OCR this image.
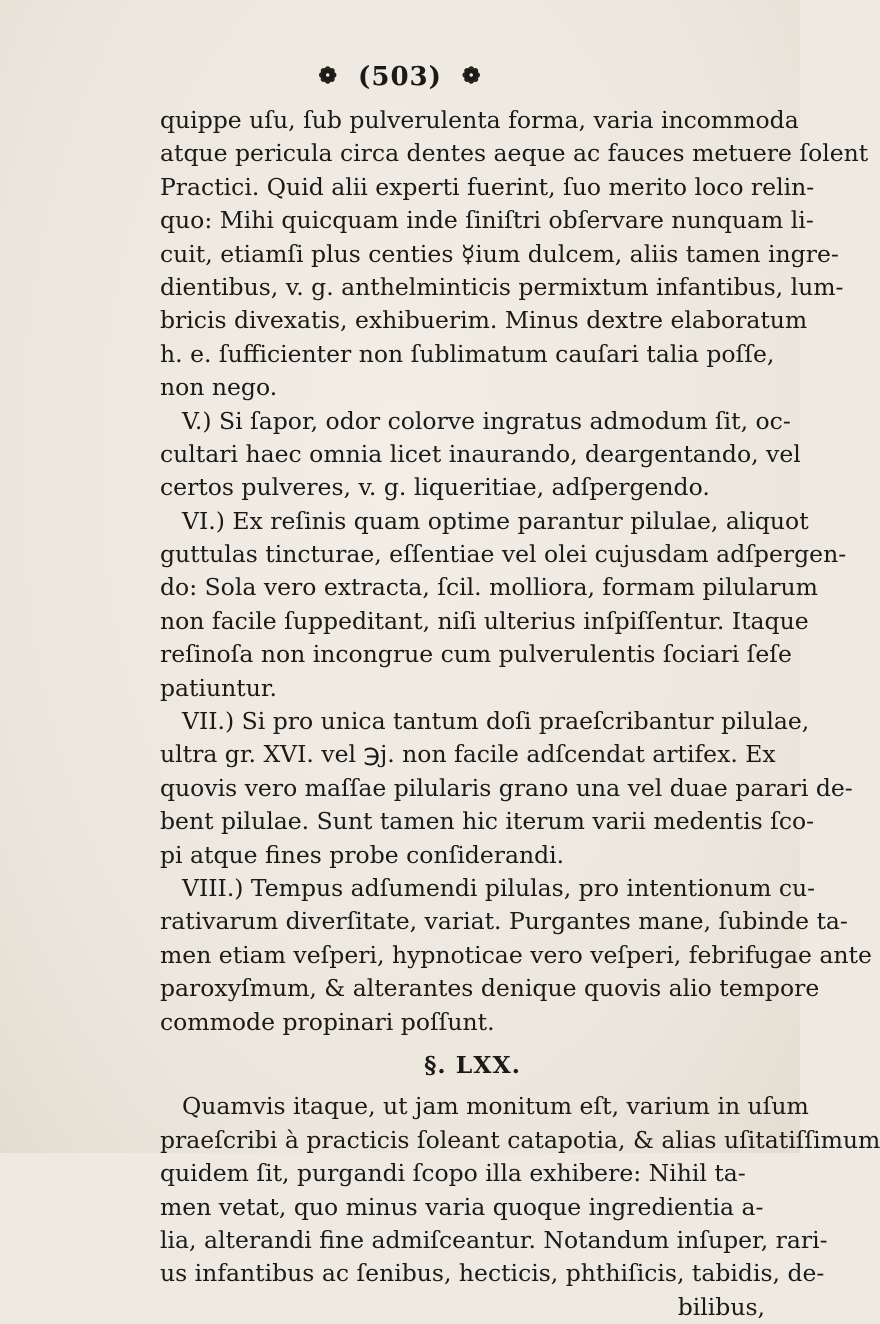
❁ (503) ❁
quippe uſu, ſub pulverulenta forma, varia incommoda
atque pericula circa dentes aeque ac fauces metuere ſolent
Practici. Quid alii experti fuerint, ſuo merito loco relin-
quo: Mihi quicquam inde ſiniſtri obſervare nunquam li-
cuit, etiamſi plus centies ☿ium dulcem, aliis tamen ingre-
dientibus, v. g. anthelminticis permixtum infantibus, lum-
bricis divexatis, exhibuerim. Minus dextre elaboratum
h. e. ſufficienter non ſublimatum cauſari talia poſſe,
non nego.
V.) Si ſapor, odor colorve ingratus admodum ſit, oc-
cultari haec omnia licet inaurando, deargentando, vel
certos pulveres, v. g. liqueritiae, adſpergendo.
VI.) Ex reſinis quam optime parantur pilulae, aliquot
guttulas tincturae, eſſentiae vel olei cujusdam adſpergen-
do: Sola vero extracta, ſcil. molliora, formam pilularum
non facile ſuppeditant, niſi ulterius inſpiſſentur. Itaque
reſinoſa non incongrue cum pulverulentis ſociari ſeſe
patiuntur.
VII.) Si pro unica tantum doſi praeſcribantur pilulae,
ultra gr. XVI. vel ℈j. non facile adſcendat artifex. Ex
quovis vero maſſae pilularis grano una vel duae parari de-
bent pilulae. Sunt tamen hic iterum varii medentis ſco-
pi atque fines probe conſiderandi.
VIII.) Tempus adſumendi pilulas, pro intentionum cu-
rativarum diverſitate, variat. Purgantes mane, ſubinde ta-
men etiam veſperi, hypnoticae vero veſperi, febrifugae ante
paroxyſmum, & alterantes denique quovis alio tempore
commode propinari poſſunt.
§. LXX.
Quamvis itaque, ut jam monitum eſt, varium in uſum
praeſcribi à practicis ſoleant catapotia, & alias uſitatiſſimum
quidem ſit, purgandi ſcopo illa exhibere: Nihil ta-
men vetat, quo minus varia quoque ingredientia a-
lia, alterandi fine admiſceantur. Notandum inſuper, rari-
us infantibus ac ſenibus, hecticis, phthiſicis, tabidis, de-
bilibus,
